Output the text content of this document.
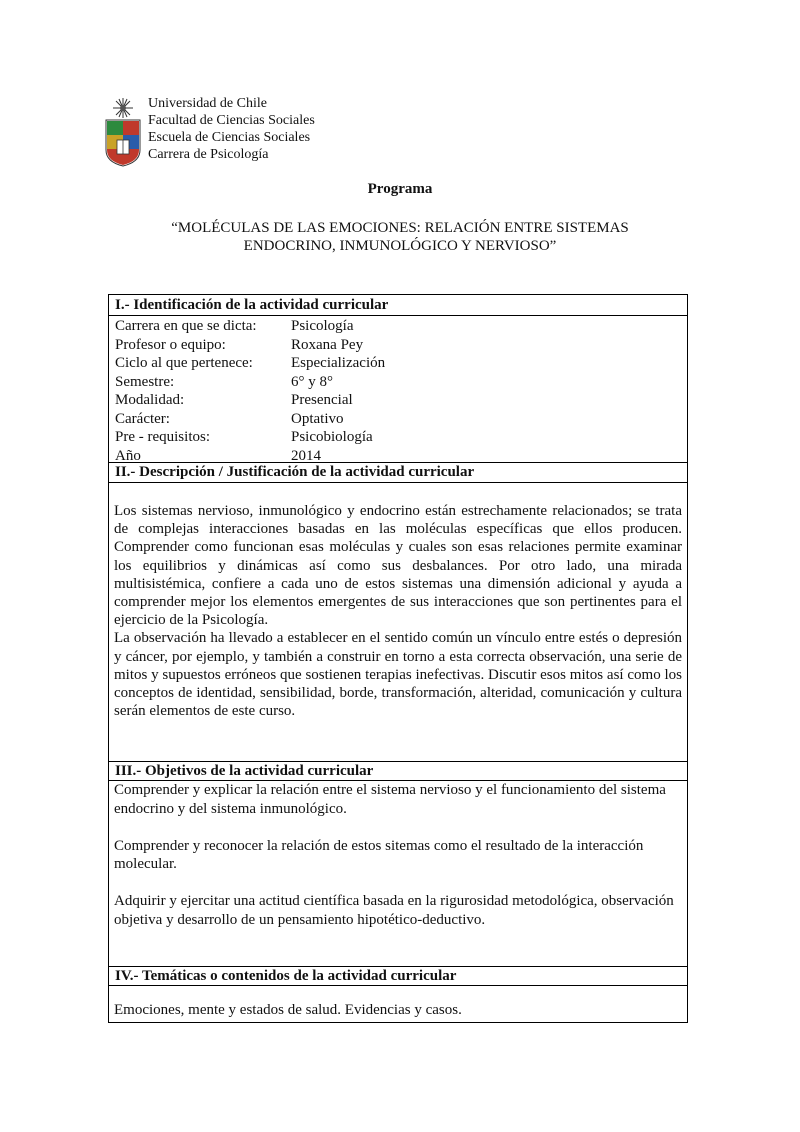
Universidad de Chile
Facultad de Ciencias Sociales
Escuela de Ciencias Sociales
Carrera de Psicología
Programa
“MOLÉCULAS DE LAS EMOCIONES: RELACIÓN ENTRE SISTEMAS
ENDOCRINO, INMUNOLÓGICO Y NERVIOSO”
I.- Identificación de la actividad curricular
Carrera en que se dicta: Psicología
Profesor o equipo:	Roxana Pey
Ciclo al que pertenece:	Especialización
Semestre:	6° y 8°
Modalidad:	Presencial
Carácter:	Optativo
Pre - requisitos:	Psicobiología
Año	2014
II.- Descripción / Justificación de la actividad curricular

Los sistemas nervioso, inmunológico y endocrino están estrechamente relacionados; se trata de complejas interacciones basadas en las moléculas específicas que ellos producen. Comprender como funcionan esas moléculas y cuales son esas relaciones permite examinar los equilibrios y dinámicas así como sus desbalances. Por otro lado, una mirada multisistémica, confiere a cada uno de estos sistemas una dimensión adicional y ayuda a comprender mejor los elementos emergentes de sus interacciones que son pertinentes para el ejercicio de la Psicología.

La observación ha llevado a establecer en el sentido común un vínculo entre estés o depresión y cáncer, por ejemplo, y también a construir en torno a esta correcta observación, una serie de mitos y supuestos erróneos que sostienen terapias inefectivas. Discutir esos mitos así como los conceptos de identidad, sensibilidad, borde, transformación, alteridad, comunicación y cultura serán elementos de este curso.

III.- Objetivos de la actividad curricular

Comprender y explicar la relación entre el sistema nervioso y el funcionamiento del sistema endocrino y del sistema inmunológico.

Comprender y reconocer la relación de estos sitemas como el resultado de la interacción molecular.

Adquirir y ejercitar una actitud científica basada en la rigurosidad metodológica, observación objetiva y desarrollo de un pensamiento hipotético-deductivo.

IV.- Temáticas o contenidos de la actividad curricular
Emociones, mente y estados de salud. Evidencias y casos.
